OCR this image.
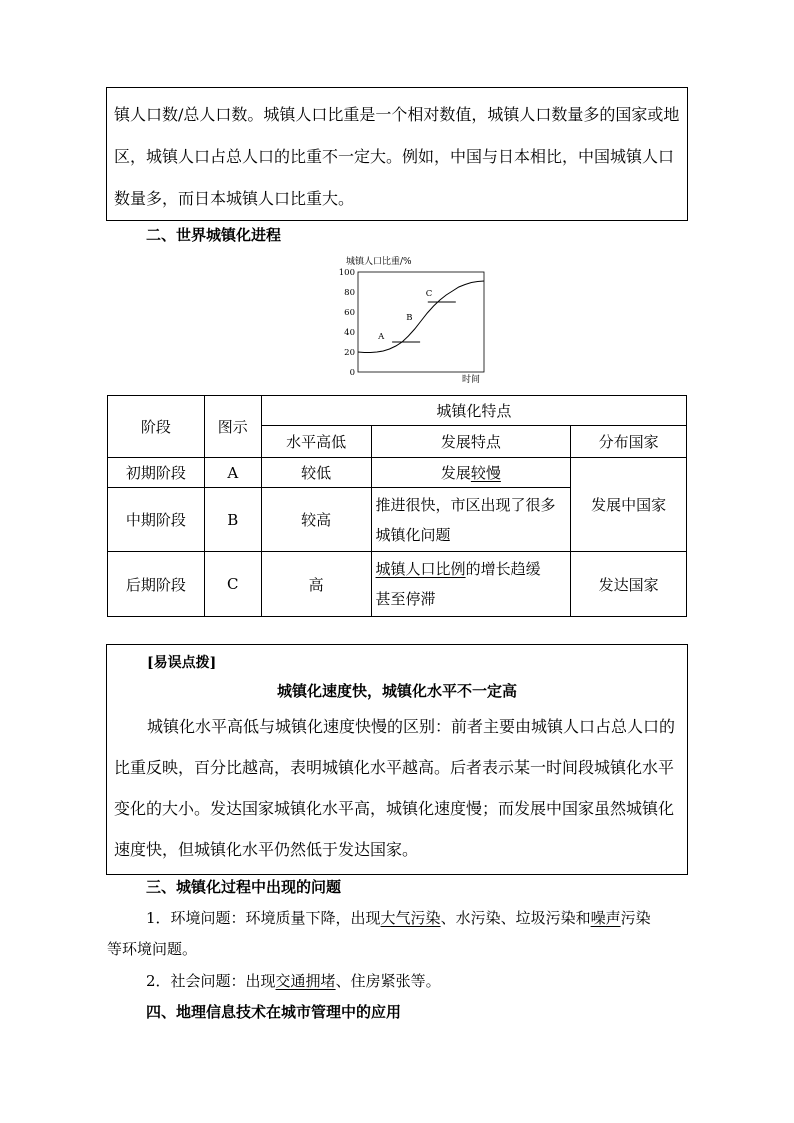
镇人口数/总人口数。城镇人口比重是一个相对数值，城镇人口数量多的国家或地
区，城镇人口占总人口的比重不一定大。例如，中国与日本相比，中国城镇人口
数量多，而日本城镇人口比重大。
二、世界城镇化进程
城镇人口比重/%
100
80
60
40
20
0
A
B
C
时间
阶段	图示	城镇化特点		
		水平高低	发展特点	分布国家
初期阶段	A	较低	发展较慢	发展中国家
中期阶段	B	较高	推进很快，市区出现了很多
城镇化问题	

后期阶段	C	高	城镇人口比例的增长趋缓
甚至停滞	发达国家
[易误点拨]
城镇化速度快，城镇化水平不一定高
城镇化水平高低与城镇化速度快慢的区别：前者主要由城镇人口占总人口的
比重反映，百分比越高，表明城镇化水平越高。后者表示某一时间段城镇化水平
变化的大小。发达国家城镇化水平高，城镇化速度慢；而发展中国家虽然城镇化
速度快，但城镇化水平仍然低于发达国家。
三、城镇化过程中出现的问题
1．环境问题：环境质量下降，出现大气污染、水污染、垃圾污染和噪声污染
等环境问题。
2．社会问题：出现交通拥堵、住房紧张等。
四、地理信息技术在城市管理中的应用
